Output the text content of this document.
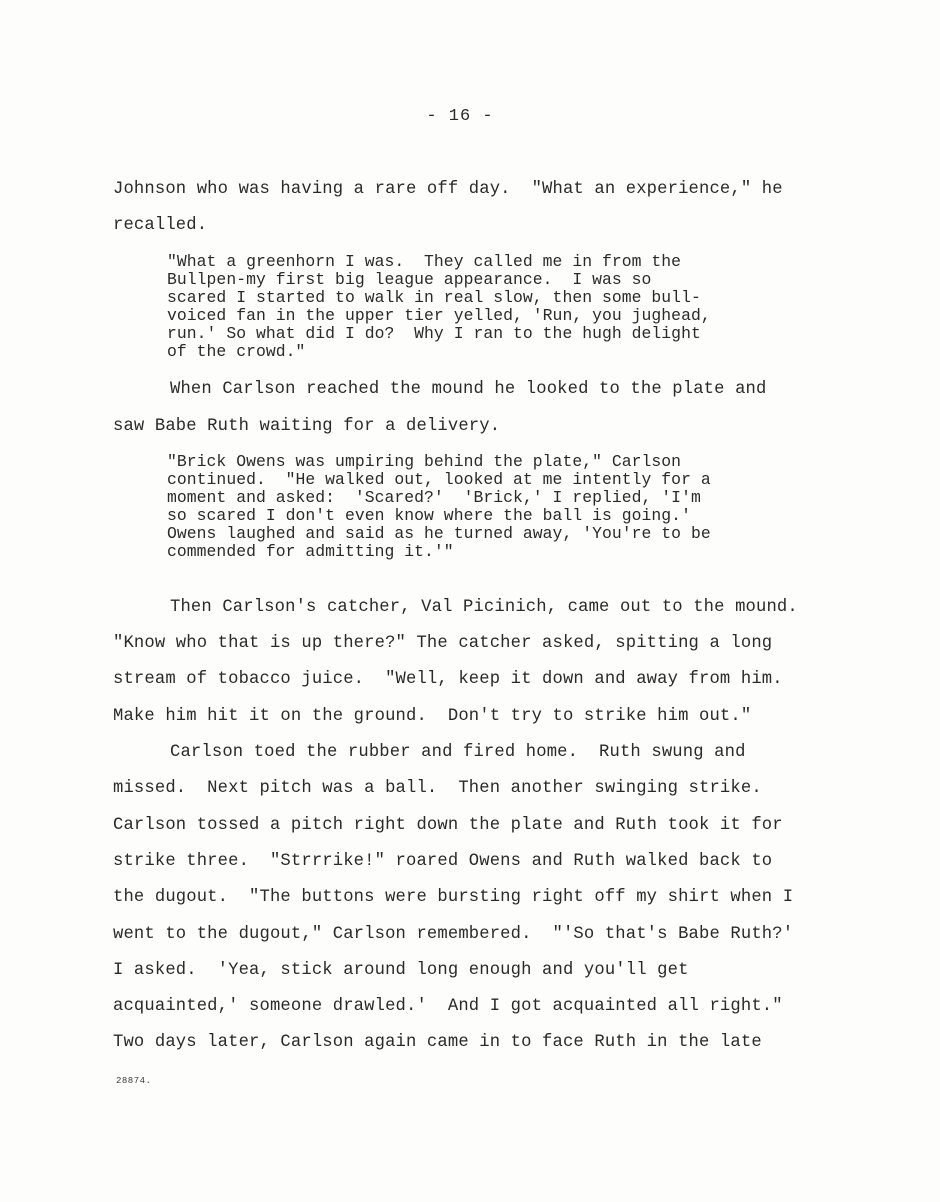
- 16 -
Johnson who was having a rare off day.  "What an experience," he
recalled.
"What a greenhorn I was.  They called me in from the
Bullpen-my first big league appearance.  I was so
scared I started to walk in real slow, then some bull-
voiced fan in the upper tier yelled, 'Run, you jughead,
run.' So what did I do?  Why I ran to the hugh delight
of the crowd."
When Carlson reached the mound he looked to the plate and
saw Babe Ruth waiting for a delivery.
"Brick Owens was umpiring behind the plate," Carlson
continued.  "He walked out, looked at me intently for a
moment and asked:  'Scared?'  'Brick,' I replied, 'I'm
so scared I don't even know where the ball is going.'
Owens laughed and said as he turned away, 'You're to be
commended for admitting it.'"
Then Carlson's catcher, Val Picinich, came out to the mound.
"Know who that is up there?" The catcher asked, spitting a long
stream of tobacco juice.  "Well, keep it down and away from him.
Make him hit it on the ground.  Don't try to strike him out."
Carlson toed the rubber and fired home.  Ruth swung and
missed.  Next pitch was a ball.  Then another swinging strike.
Carlson tossed a pitch right down the plate and Ruth took it for
strike three.  "Strrrike!" roared Owens and Ruth walked back to
the dugout.  "The buttons were bursting right off my shirt when I
went to the dugout," Carlson remembered.  "'So that's Babe Ruth?'
I asked.  'Yea, stick around long enough and you'll get
acquainted,' someone drawled.'  And I got acquainted all right."
Two days later, Carlson again came in to face Ruth in the late
28874.
